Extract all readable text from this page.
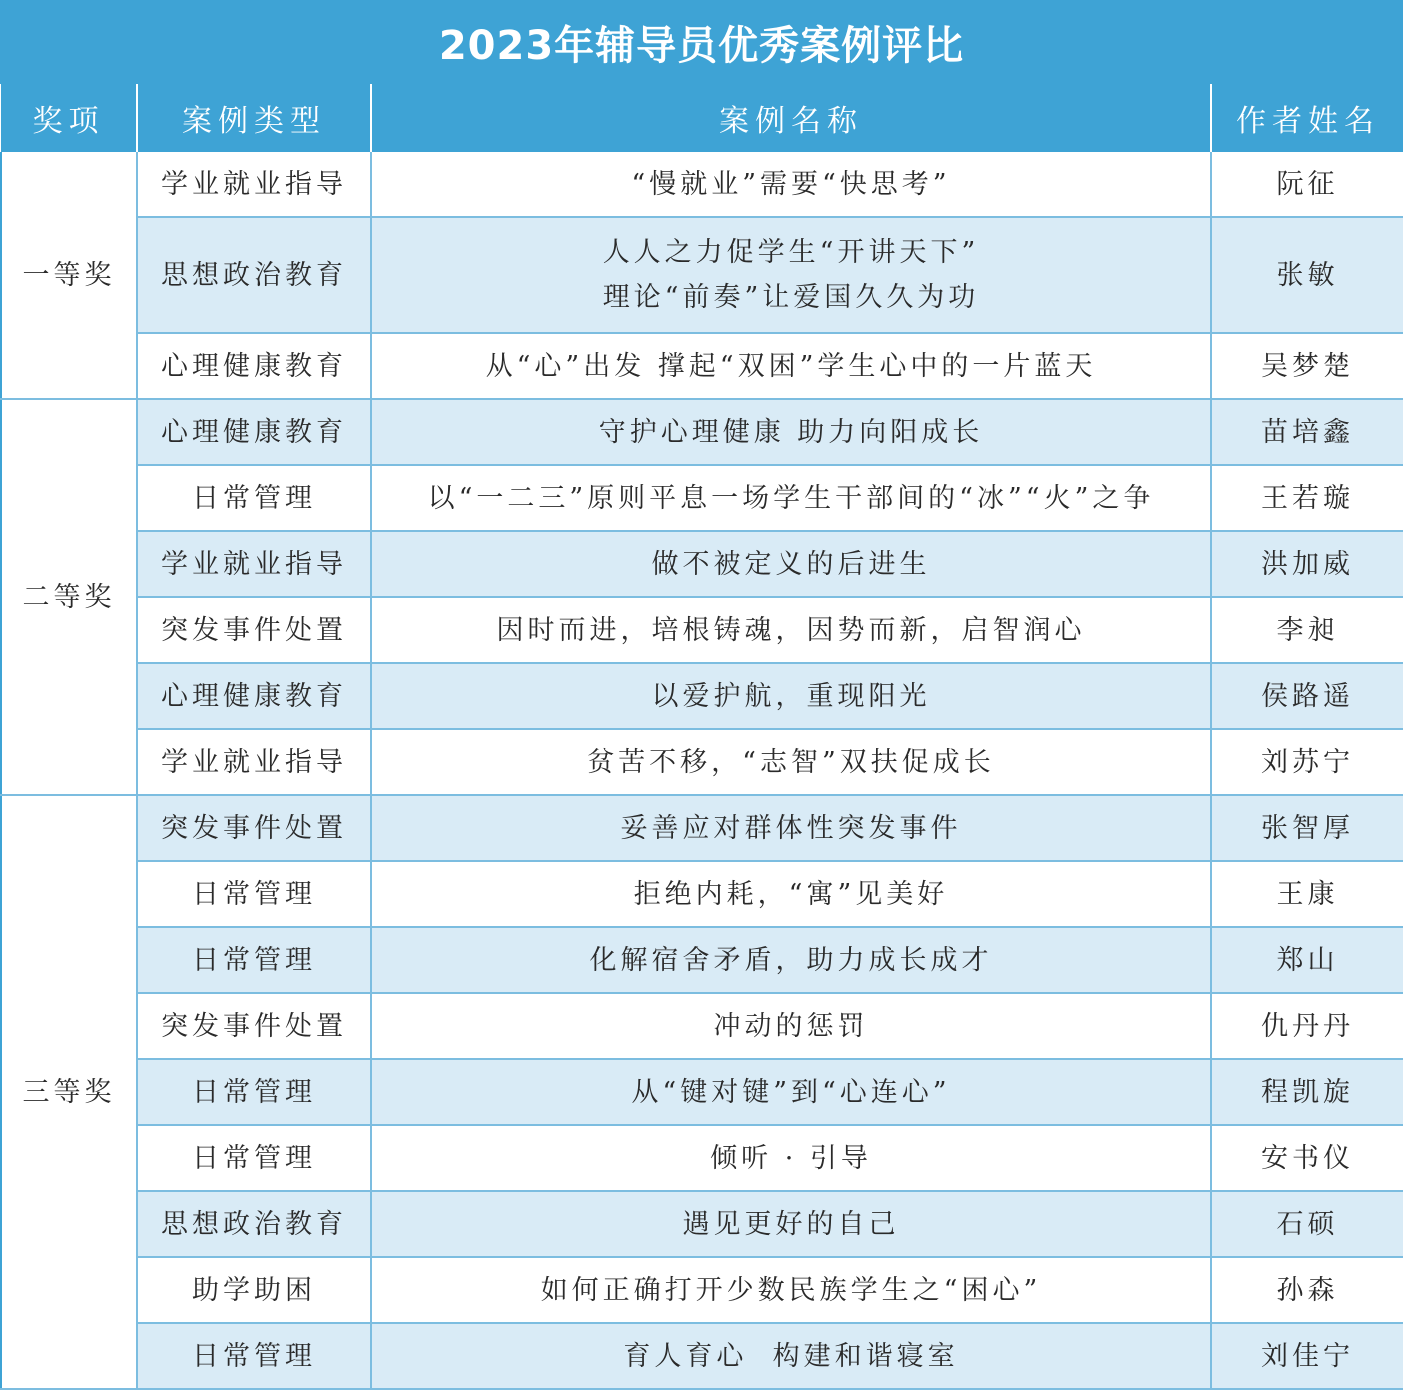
2023年辅导员优秀案例评比
奖项	案例类型	案例名称	作者姓名
一等奖	学业就业指导	“慢就业”需要“快思考”	阮征
	思想政治教育	人人之力促学生“开讲天下”
理论“前奏”让爱国久久为功	张敏
	心理健康教育	从“心”出发 撑起“双困”学生心中的一片蓝天	吴梦楚
二等奖	心理健康教育	守护心理健康 助力向阳成长	苗培鑫
	日常管理	以“一二三”原则平息一场学生干部间的“冰”“火”之争	王若璇
	学业就业指导	做不被定义的后进生	洪加威
	突发事件处置	因时而进，培根铸魂，因势而新，启智润心	李昶
	心理健康教育	以爱护航，重现阳光	侯路遥
	学业就业指导	贫苦不移，“志智”双扶促成长	刘苏宁
三等奖	突发事件处置	妥善应对群体性突发事件	张智厚
	日常管理	拒绝内耗，“寓”见美好	王康
	日常管理	化解宿舍矛盾，助力成长成才	郑山
	突发事件处置	冲动的惩罚	仇丹丹
	日常管理	从“键对键”到“心连心”	程凯旋
	日常管理	倾听 · 引导	安书仪
	思想政治教育	遇见更好的自己	石硕
	助学助困	如何正确打开少数民族学生之“困心”	孙森
	日常管理	育人育心  构建和谐寝室	刘佳宁
